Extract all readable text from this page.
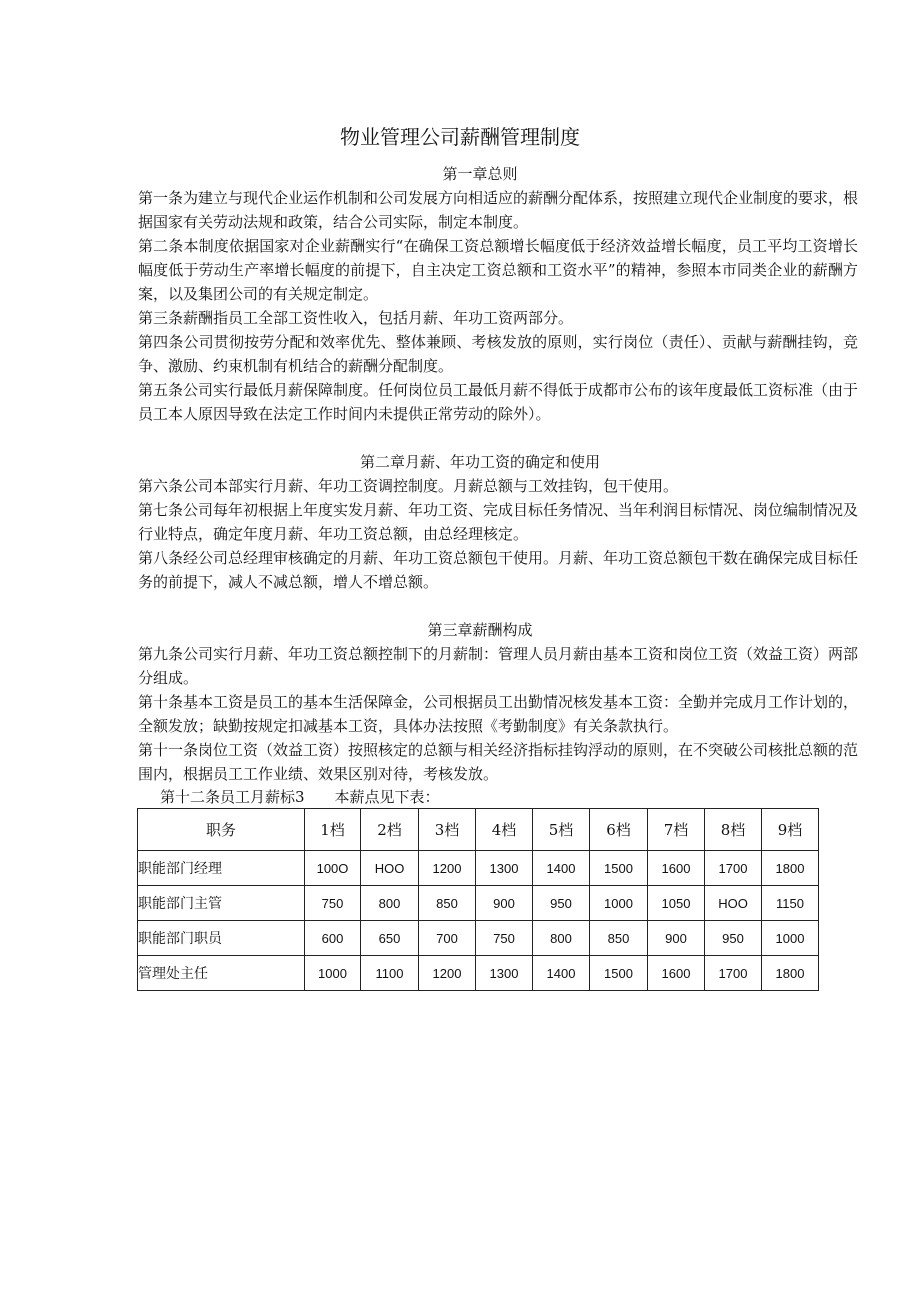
物业管理公司薪酬管理制度
第一章总则
第一条为建立与现代企业运作机制和公司发展方向相适应的薪酬分配体系，按照建立现代企业制度的要求，根据国家有关劳动法规和政策，结合公司实际，制定本制度。
第二条本制度依据国家对企业薪酬实行“在确保工资总额增长幅度低于经济效益增长幅度，员工平均工资增长幅度低于劳动生产率增长幅度的前提下，自主决定工资总额和工资水平”的精神，参照本市同类企业的薪酬方案，以及集团公司的有关规定制定。
第三条薪酬指员工全部工资性收入，包括月薪、年功工资两部分。
第四条公司贯彻按劳分配和效率优先、整体兼顾、考核发放的原则，实行岗位（责任）、贡献与薪酬挂钩，竞争、激励、约束机制有机结合的薪酬分配制度。
第五条公司实行最低月薪保障制度。任何岗位员工最低月薪不得低于成都市公布的该年度最低工资标准（由于员工本人原因导致在法定工作时间内未提供正常劳动的除外）。
第二章月薪、年功工资的确定和使用
第六条公司本部实行月薪、年功工资调控制度。月薪总额与工效挂钩，包干使用。
第七条公司每年初根据上年度实发月薪、年功工资、完成目标任务情况、当年利润目标情况、岗位编制情况及行业特点，确定年度月薪、年功工资总额，由总经理核定。
第八条经公司总经理审核确定的月薪、年功工资总额包干使用。月薪、年功工资总额包干数在确保完成目标任务的前提下，减人不减总额，增人不增总额。
第三章薪酬构成
第九条公司实行月薪、年功工资总额控制下的月薪制：管理人员月薪由基本工资和岗位工资（效益工资）两部分组成。
第十条基本工资是员工的基本生活保障金，公司根据员工出勤情况核发基本工资：全勤并完成月工作计划的，全额发放；缺勤按规定扣减基本工资，具体办法按照《考勤制度》有关条款执行。
第十一条岗位工资（效益工资）按照核定的总额与相关经济指标挂钩浮动的原则，在不突破公司核批总额的范围内，根据员工工作业绩、效果区别对待，考核发放。
第十二条员工月薪标3　　本薪点见下表：
职务	1档	2档	3档	4档	5档	6档	7档	8档	9档
职能部门经理	100O	HOO	1200	1300	1400	1500	1600	1700	1800
职能部门主管	750	800	850	900	950	1000	1050	HOO	1150
职能部门职员	600	650	700	750	800	850	900	950	1000
管理处主任	1000	1100	1200	1300	1400	1500	1600	1700	1800
